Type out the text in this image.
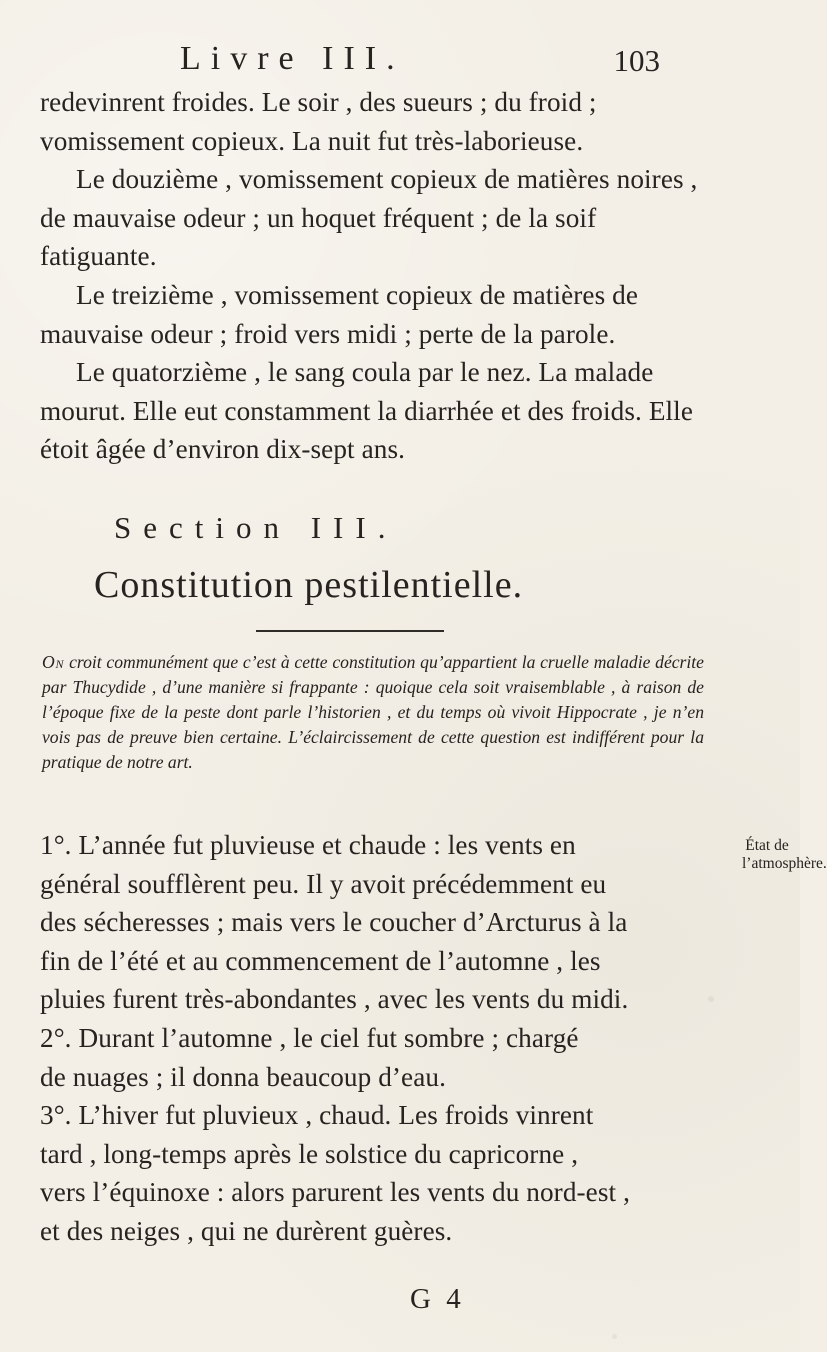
Livre III.	103

redevinrent froides. Le soir , des sueurs ; du froid ; vomissement copieux. La nuit fut très-laborieuse.

Le douzième , vomissement copieux de matières noires , de mauvaise odeur ; un hoquet fréquent ; de la soif fatiguante.

Le treizième , vomissement copieux de matières de mauvaise odeur ; froid vers midi ; perte de la parole.

Le quatorzième , le sang coula par le nez. La malade mourut. Elle eut constamment la diarrhée et des froids. Elle étoit âgée d’environ dix-sept ans.

Section III.
Constitution pestilentielle.
On croit communément que c’est à cette constitution qu’appartient la cruelle maladie décrite par Thucydide , d’une manière si frappante : quoique cela soit vraisemblable , à raison de l’époque fixe de la peste dont parle l’historien , et du temps où vivoit Hippocrate , je n’en vois pas de preuve bien certaine. L’éclaircissement de cette question est indifférent pour la pratique de notre art.
1°. L’année fut pluvieuse et chaude : les vents en
général soufflèrent peu. Il y avoit précédemment eu
des sécheresses ; mais vers le coucher d’Arcturus à la
fin de l’été et au commencement de l’automne , les
pluies furent très-abondantes , avec les vents du midi.
2°. Durant l’automne , le ciel fut sombre ; chargé
de nuages ; il donna beaucoup d’eau.
3°. L’hiver fut pluvieux , chaud. Les froids vinrent
tard , long-temps après le solstice du capricorne ,
vers l’équinoxe : alors parurent les vents du nord-est ,
et des neiges , qui ne durèrent guères.
État de l’atmosphère.
G 4
